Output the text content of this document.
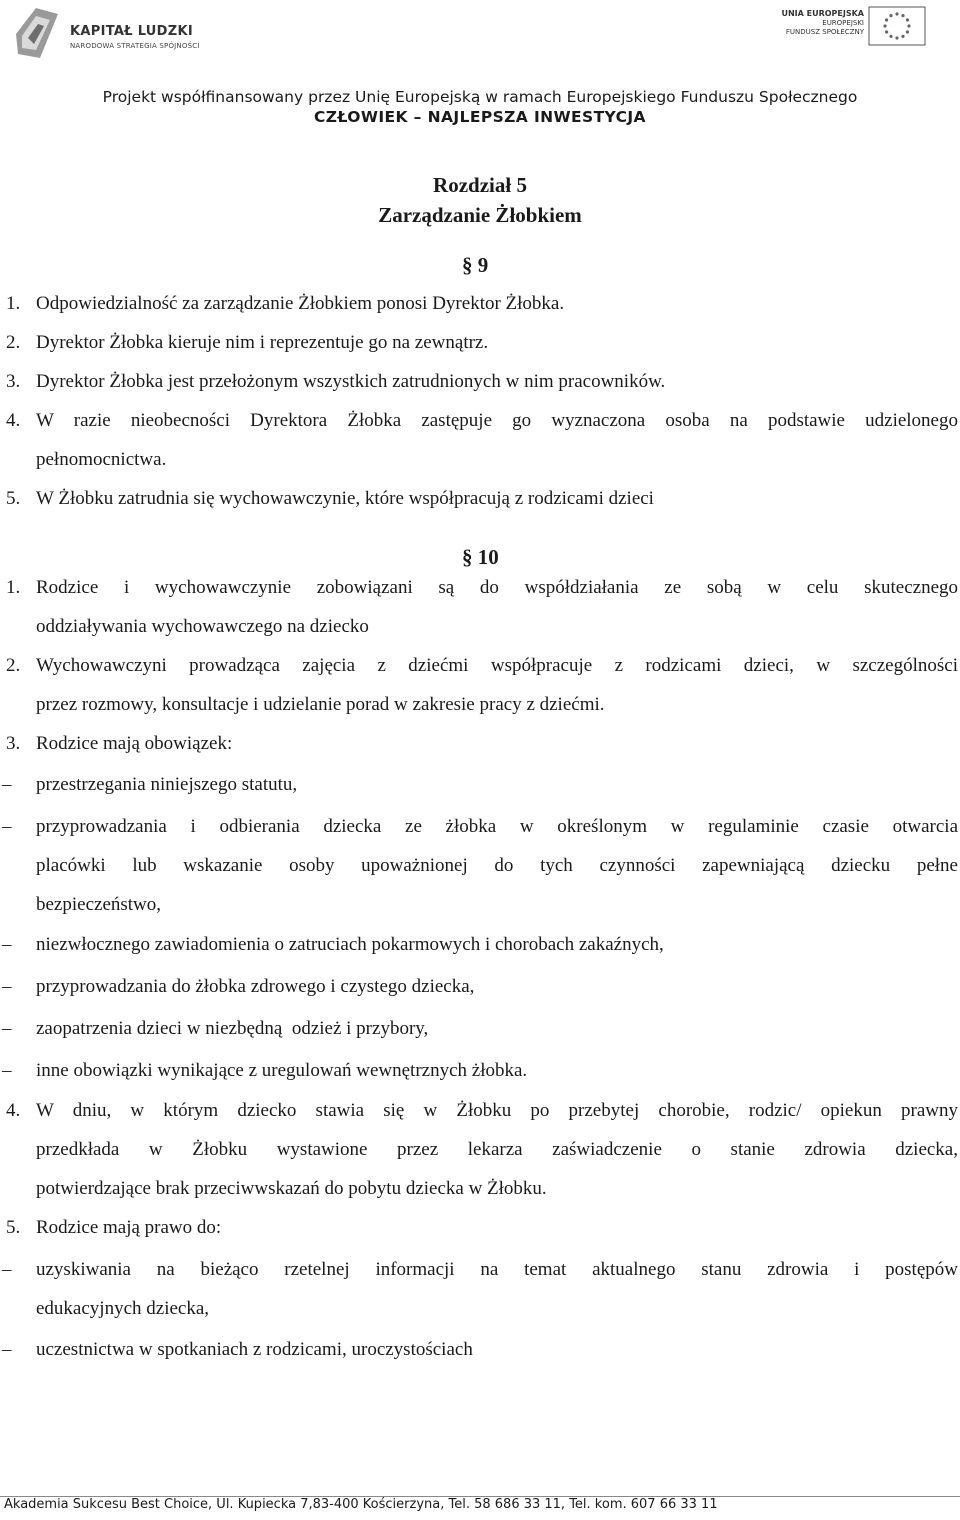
KAPITAŁ LUDZKI
NARODOWA STRATEGIA SPÓJNOŚCI
UNIA EUROPEJSKA
EUROPEJSKI
FUNDUSZ SPOŁECZNY
Projekt współfinansowany przez Unię Europejską w ramach Europejskiego Funduszu Społecznego
CZŁOWIEK – NAJLEPSZA INWESTYCJA
Rozdział 5
Zarządzanie Żłobkiem
§ 9
1. Odpowiedzialność za zarządzanie Żłobkiem ponosi Dyrektor Żłobka.
2. Dyrektor Żłobka kieruje nim i reprezentuje go na zewnątrz.
3. Dyrektor Żłobka jest przełożonym wszystkich zatrudnionych w nim pracowników.
4. W razie nieobecności Dyrektora Żłobka zastępuje go wyznaczona osoba na podstawie udzielonego
pełnomocnictwa.
5. W Żłobku zatrudnia się wychowawczynie, które współpracują z rodzicami dzieci
§ 10
1. Rodzice i wychowawczynie zobowiązani są do współdziałania ze sobą w celu skutecznego
oddziaływania wychowawczego na dziecko
2. Wychowawczyni prowadząca zajęcia z dziećmi współpracuje z rodzicami dzieci, w szczególności
przez rozmowy, konsultacje i udzielanie porad w zakresie pracy z dziećmi.
3. Rodzice mają obowiązek:
–	przestrzegania niniejszego statutu,
–	przyprowadzania i odbierania dziecka ze żłobka w określonym w regulaminie czasie otwarcia
placówki lub wskazanie osoby upoważnionej do tych czynności zapewniającą dziecku pełne
bezpieczeństwo,
–	niezwłocznego zawiadomienia o zatruciach pokarmowych i chorobach zakaźnych,
–	przyprowadzania do żłobka zdrowego i czystego dziecka,
–	zaopatrzenia dzieci w niezbędną  odzież i przybory,
–	inne obowiązki wynikające z uregulowań wewnętrznych żłobka.
4. W dniu, w którym dziecko stawia się w Żłobku po przebytej chorobie, rodzic/ opiekun prawny
przedkłada w Żłobku wystawione przez lekarza zaświadczenie o stanie zdrowia dziecka,
potwierdzające brak przeciwwskazań do pobytu dziecka w Żłobku.
5. Rodzice mają prawo do:
–	uzyskiwania na bieżąco rzetelnej informacji na temat aktualnego stanu zdrowia i postępów
edukacyjnych dziecka,
–	uczestnictwa w spotkaniach z rodzicami, uroczystościach
Akademia Sukcesu Best Choice, Ul. Kupiecka 7,83-400 Kościerzyna, Tel. 58 686 33 11, Tel. kom. 607 66 33 11
